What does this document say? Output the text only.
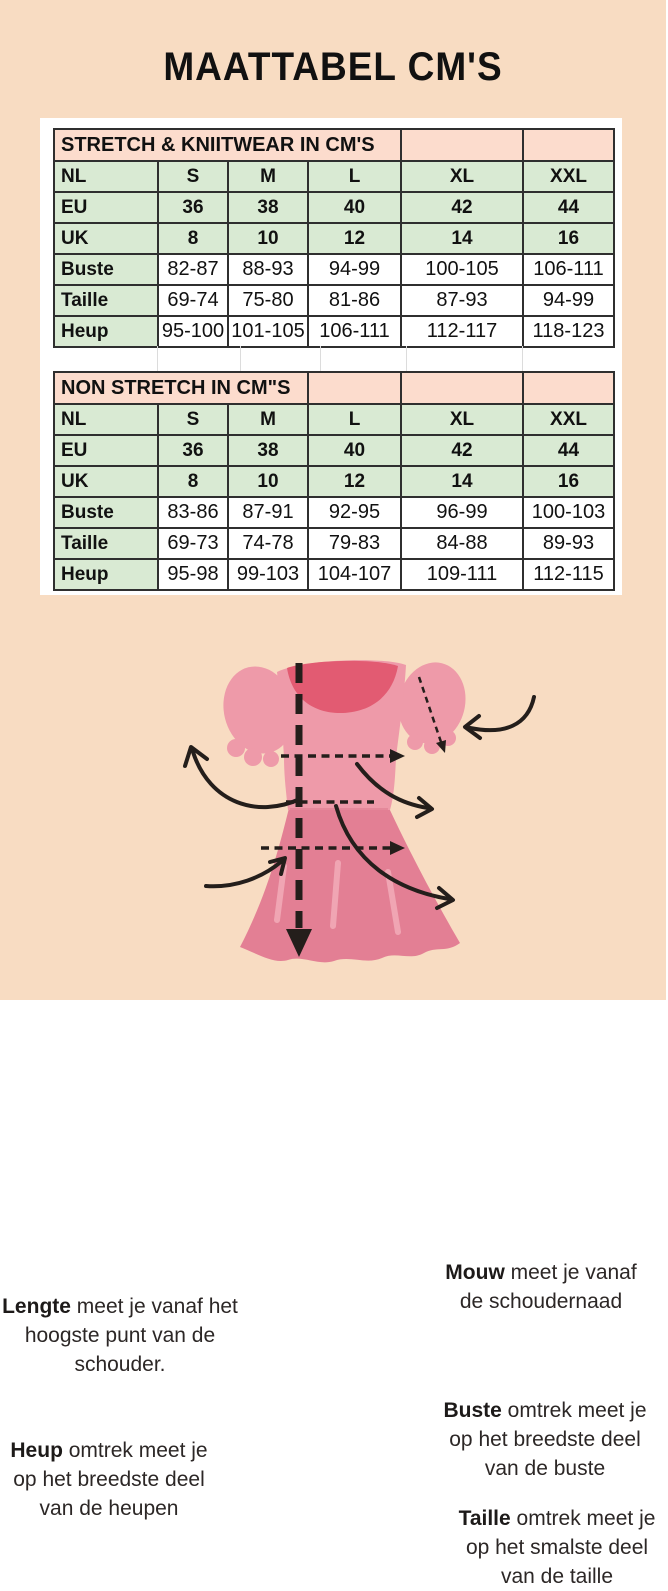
MAATTABEL CM'S
STRETCH & KNIITWEAR IN CM'S					
NL	S	M	L	XL	XXL
EU	36	38	40	42	44
UK	8	10	12	14	16
Buste	82-87	88-93	94-99	100-105	106-111
Taille	69-74	75-80	81-86	87-93	94-99
Heup	95-100	101-105	106-111	112-117	118-123
NON STRETCH IN CM"S					
NL	S	M	L	XL	XXL
EU	36	38	40	42	44
UK	8	10	12	14	16
Buste	83-86	87-91	92-95	96-99	100-103
Taille	69-73	74-78	79-83	84-88	89-93
Heup	95-98	99-103	104-107	109-111	112-115
Lengte meet je vanaf het
hoogste punt van de
schouder.
Mouw meet je vanaf
de schoudernaad
Buste omtrek meet je
op het breedste deel
van de buste
Taille omtrek meet je
op het smalste deel
van de taille
Heup omtrek meet je
op het breedste deel
van de heupen
